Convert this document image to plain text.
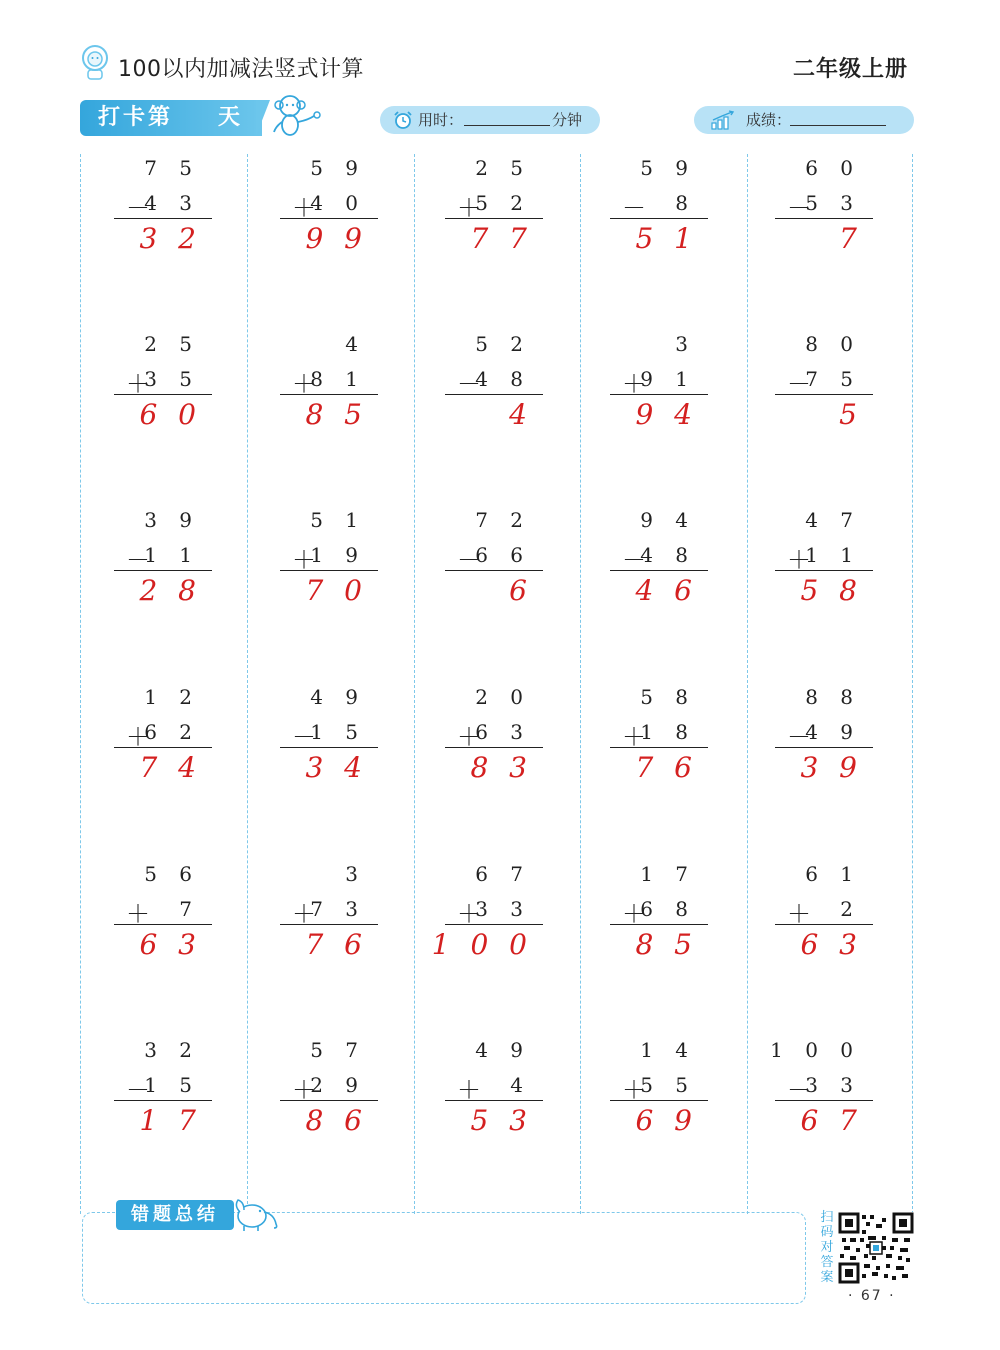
100以内加减法竖式计算	二年级上册
打卡第 天	用时：	分钟	成绩：
7 5
－
4 3
3 2
5 9
＋
4 0
9 9
2 5
＋
5 2
7 7
5 9
－ 8
5 1
6 0
－
5 3
7
2 5
＋
3 5
6 0
4
＋
8 1
8 5
5 2
－
4 8
4
3
＋
9 1
9 4
8 0
－
7 5
5
3 9
－
1 1
2 8
5 1
＋
1 9
7 0
7 2
－
6 6
6
9 4
－
4 8
4 6
4 7
＋
1 1
5 8
1 2
＋
6 2
7 4
4 9
－
1 5
3 4
2 0
＋
6 3
8 3
5 8
＋
1 8
7 6
8 8
－
4 9
3 9
5 6
＋ 7
6 3
3
＋
7 3
7 6
6 7
＋
3 3
1 0 0
1 7
＋
6 8
8 5
6 1
＋ 2
6 3
3 2
－
1 5
1 7
5 7
＋
2 9
8 6
4 9
＋ 4
5 3
1 4
＋
5 5
6 9
1 0 0
－
3 3
6 7
错题总结	扫码对答案
· 67 ·
